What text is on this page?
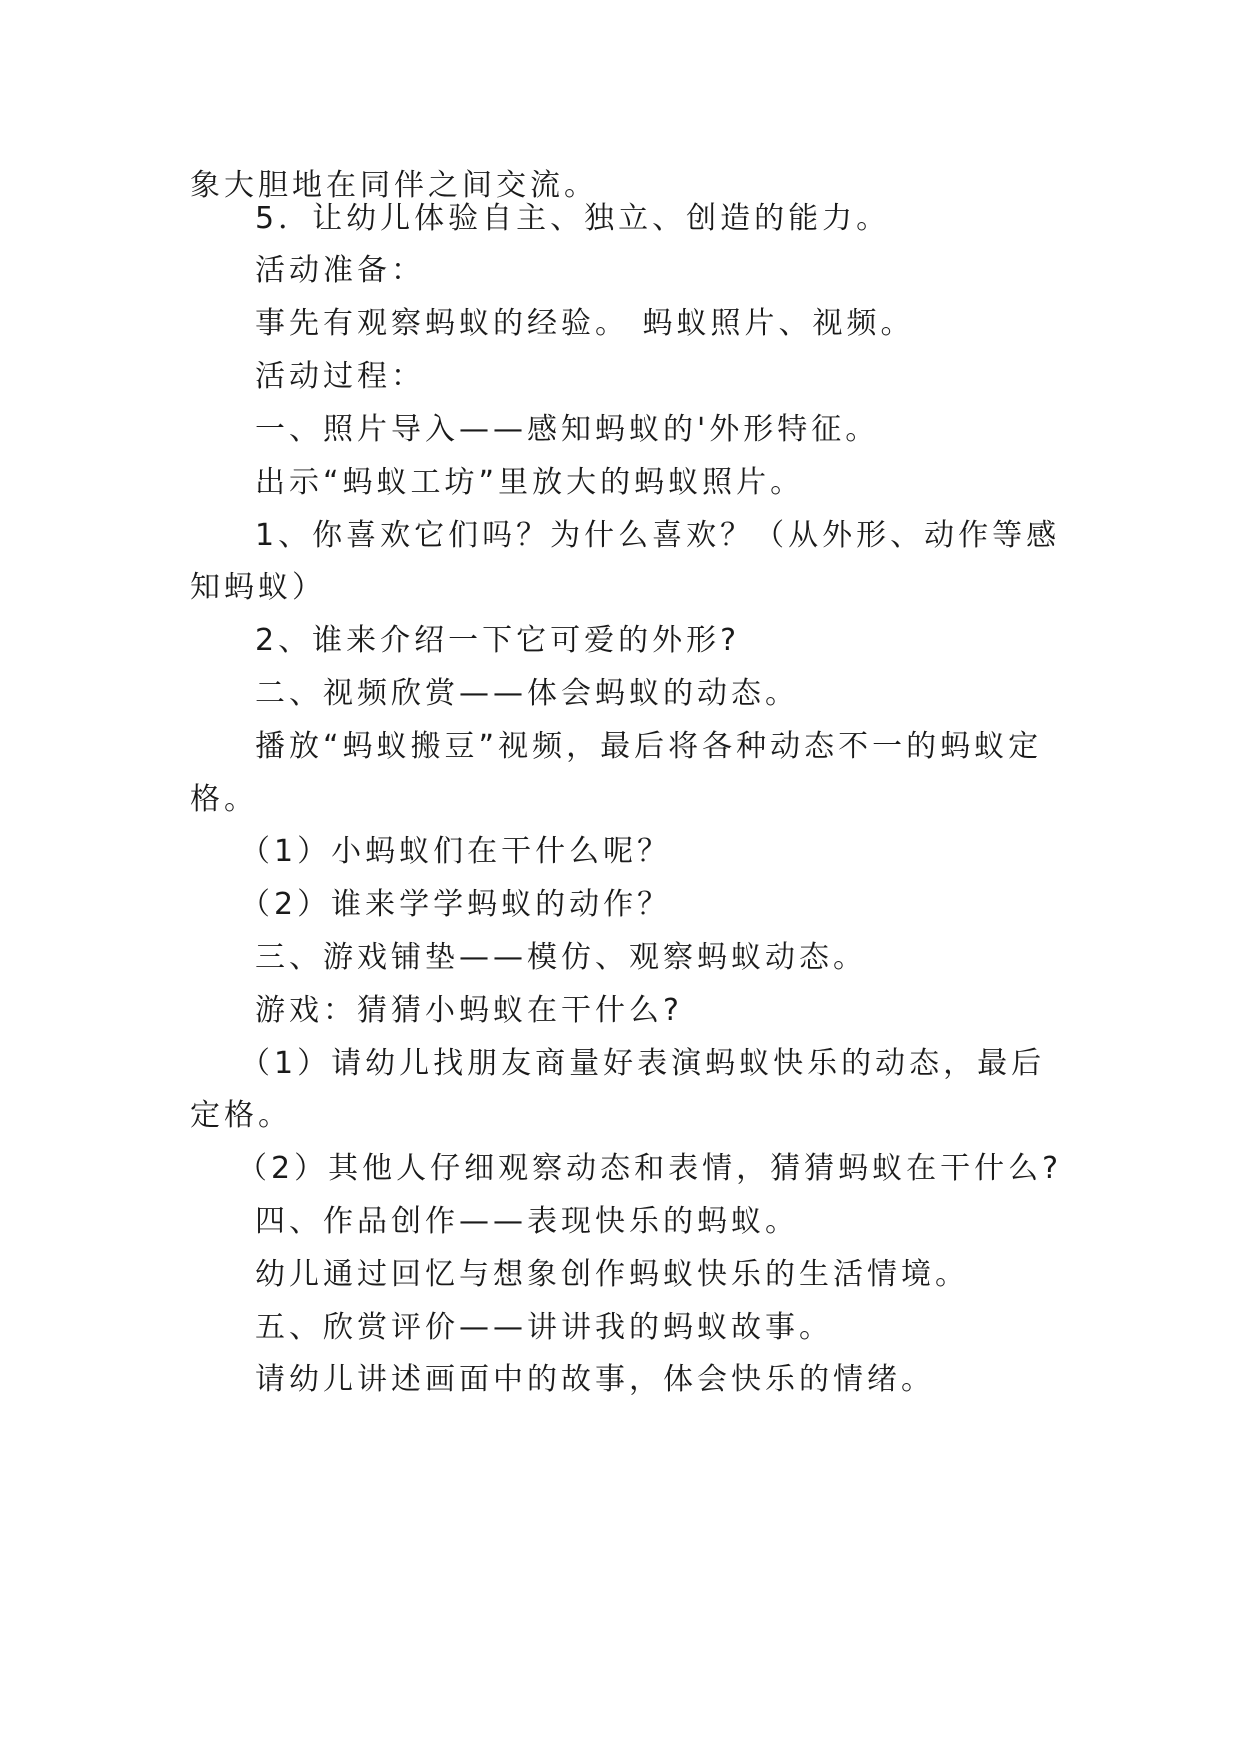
象大胆地在同伴之间交流。
5．让幼儿体验自主、独立、创造的能力。
活动准备：
事先有观察蚂蚁的经验。 蚂蚁照片、视频。
活动过程：
一、照片导入——感知蚂蚁的'外形特征。
出示“蚂蚁工坊”里放大的蚂蚁照片。
1、你喜欢它们吗？为什么喜欢？（从外形、动作等感
知蚂蚁）
2、谁来介绍一下它可爱的外形?
二、视频欣赏——体会蚂蚁的动态。
播放“蚂蚁搬豆”视频，最后将各种动态不一的蚂蚁定
格。
（1）小蚂蚁们在干什么呢？
（2）谁来学学蚂蚁的动作？
三、游戏铺垫——模仿、观察蚂蚁动态。
游戏：猜猜小蚂蚁在干什么?
（1）请幼儿找朋友商量好表演蚂蚁快乐的动态，最后
定格。
（2）其他人仔细观察动态和表情，猜猜蚂蚁在干什么?
四、作品创作——表现快乐的蚂蚁。
幼儿通过回忆与想象创作蚂蚁快乐的生活情境。
五、欣赏评价——讲讲我的蚂蚁故事。
请幼儿讲述画面中的故事，体会快乐的情绪。
